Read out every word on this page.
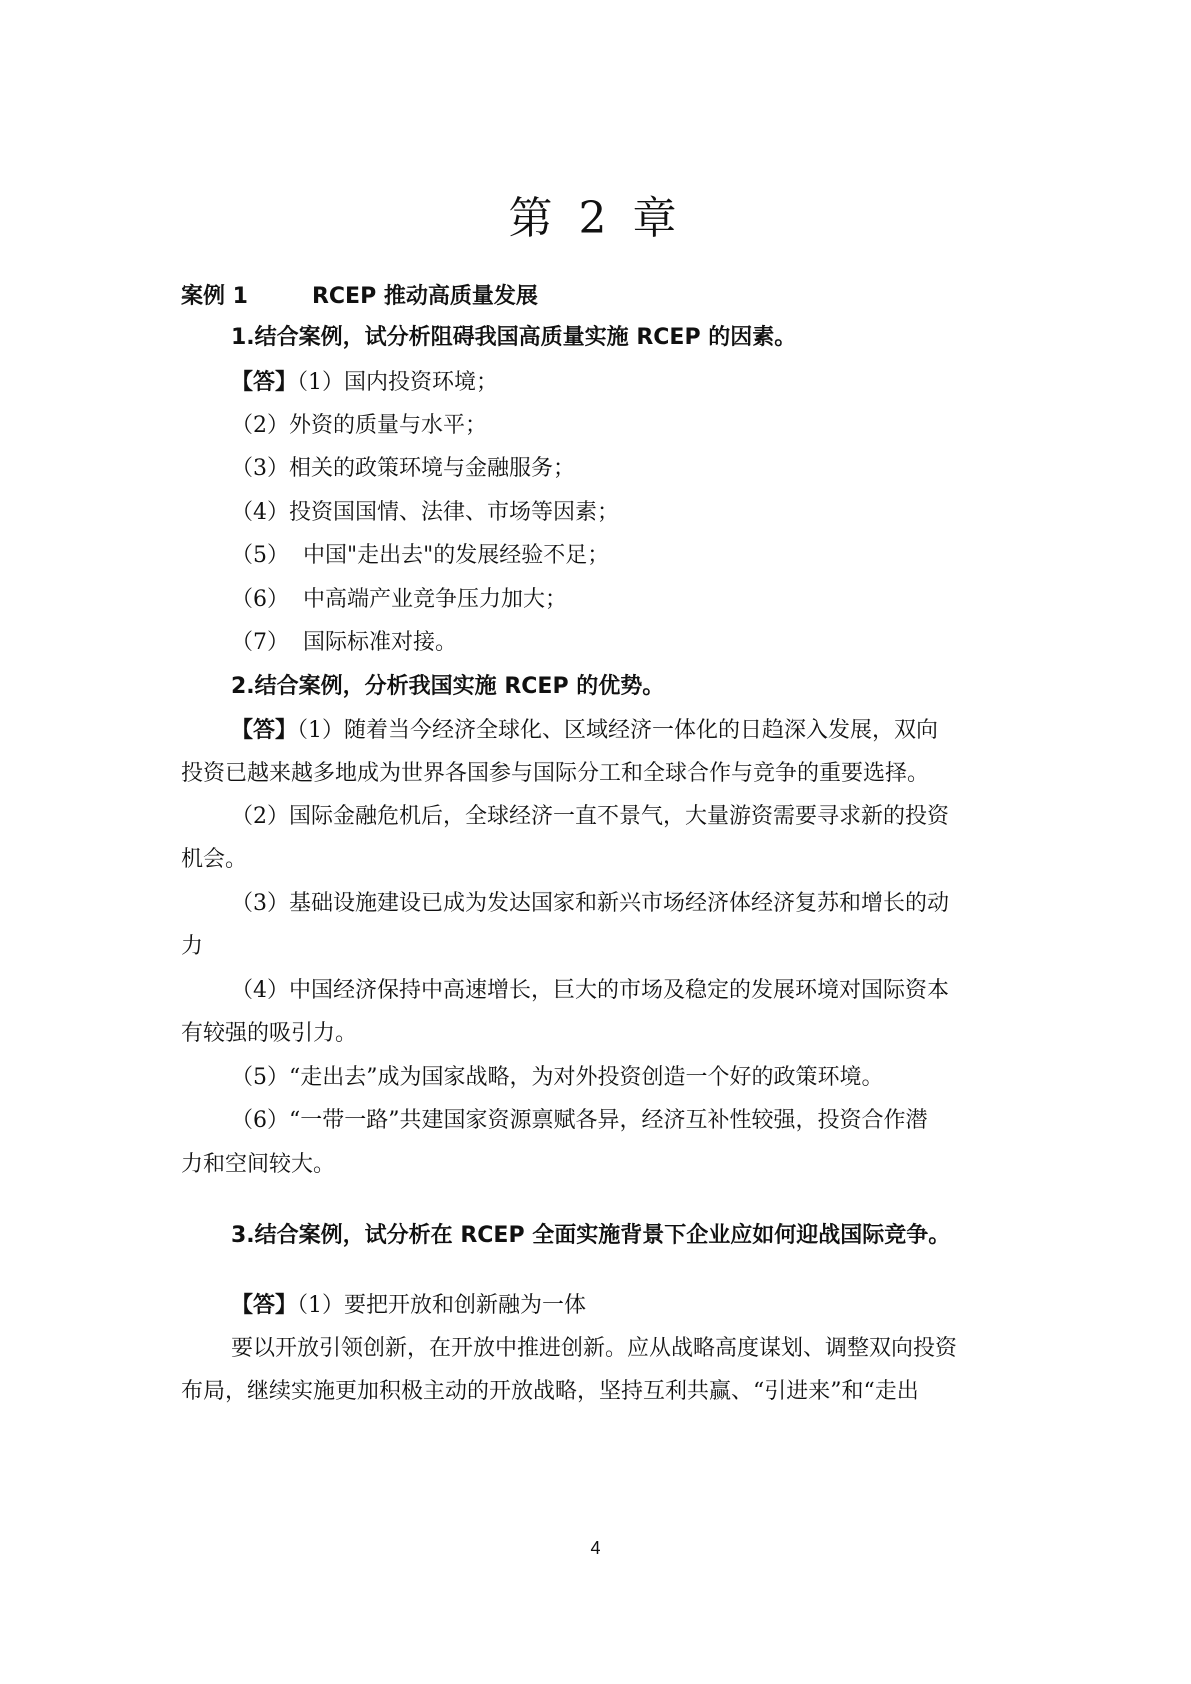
第 2 章
案例 1	RCEP 推动高质量发展
1.结合案例，试分析阻碍我国高质量实施 RCEP 的因素。
【答】（1）国内投资环境；
（2）外资的质量与水平；
（3）相关的政策环境与金融服务；
（4）投资国国情、法律、市场等因素；
（5） 中国"走出去"的发展经验不足；
（6） 中高端产业竞争压力加大；
（7） 国际标准对接。
2.结合案例，分析我国实施 RCEP 的优势。
【答】（1）随着当今经济全球化、区域经济一体化的日趋深入发展，双向
投资已越来越多地成为世界各国参与国际分工和全球合作与竞争的重要选择。
（2）国际金融危机后，全球经济一直不景气，大量游资需要寻求新的投资
机会。
（3）基础设施建设已成为发达国家和新兴市场经济体经济复苏和增长的动
力
（4）中国经济保持中高速增长，巨大的市场及稳定的发展环境对国际资本
有较强的吸引力。
（5）“走出去”成为国家战略，为对外投资创造一个好的政策环境。
（6）“一带一路”共建国家资源禀赋各异，经济互补性较强，投资合作潜
力和空间较大。
3.结合案例，试分析在 RCEP 全面实施背景下企业应如何迎战国际竞争。
【答】（1）要把开放和创新融为一体
要以开放引领创新，在开放中推进创新。应从战略高度谋划、调整双向投资
布局，继续实施更加积极主动的开放战略，坚持互利共赢、“引进来”和“走出
4
